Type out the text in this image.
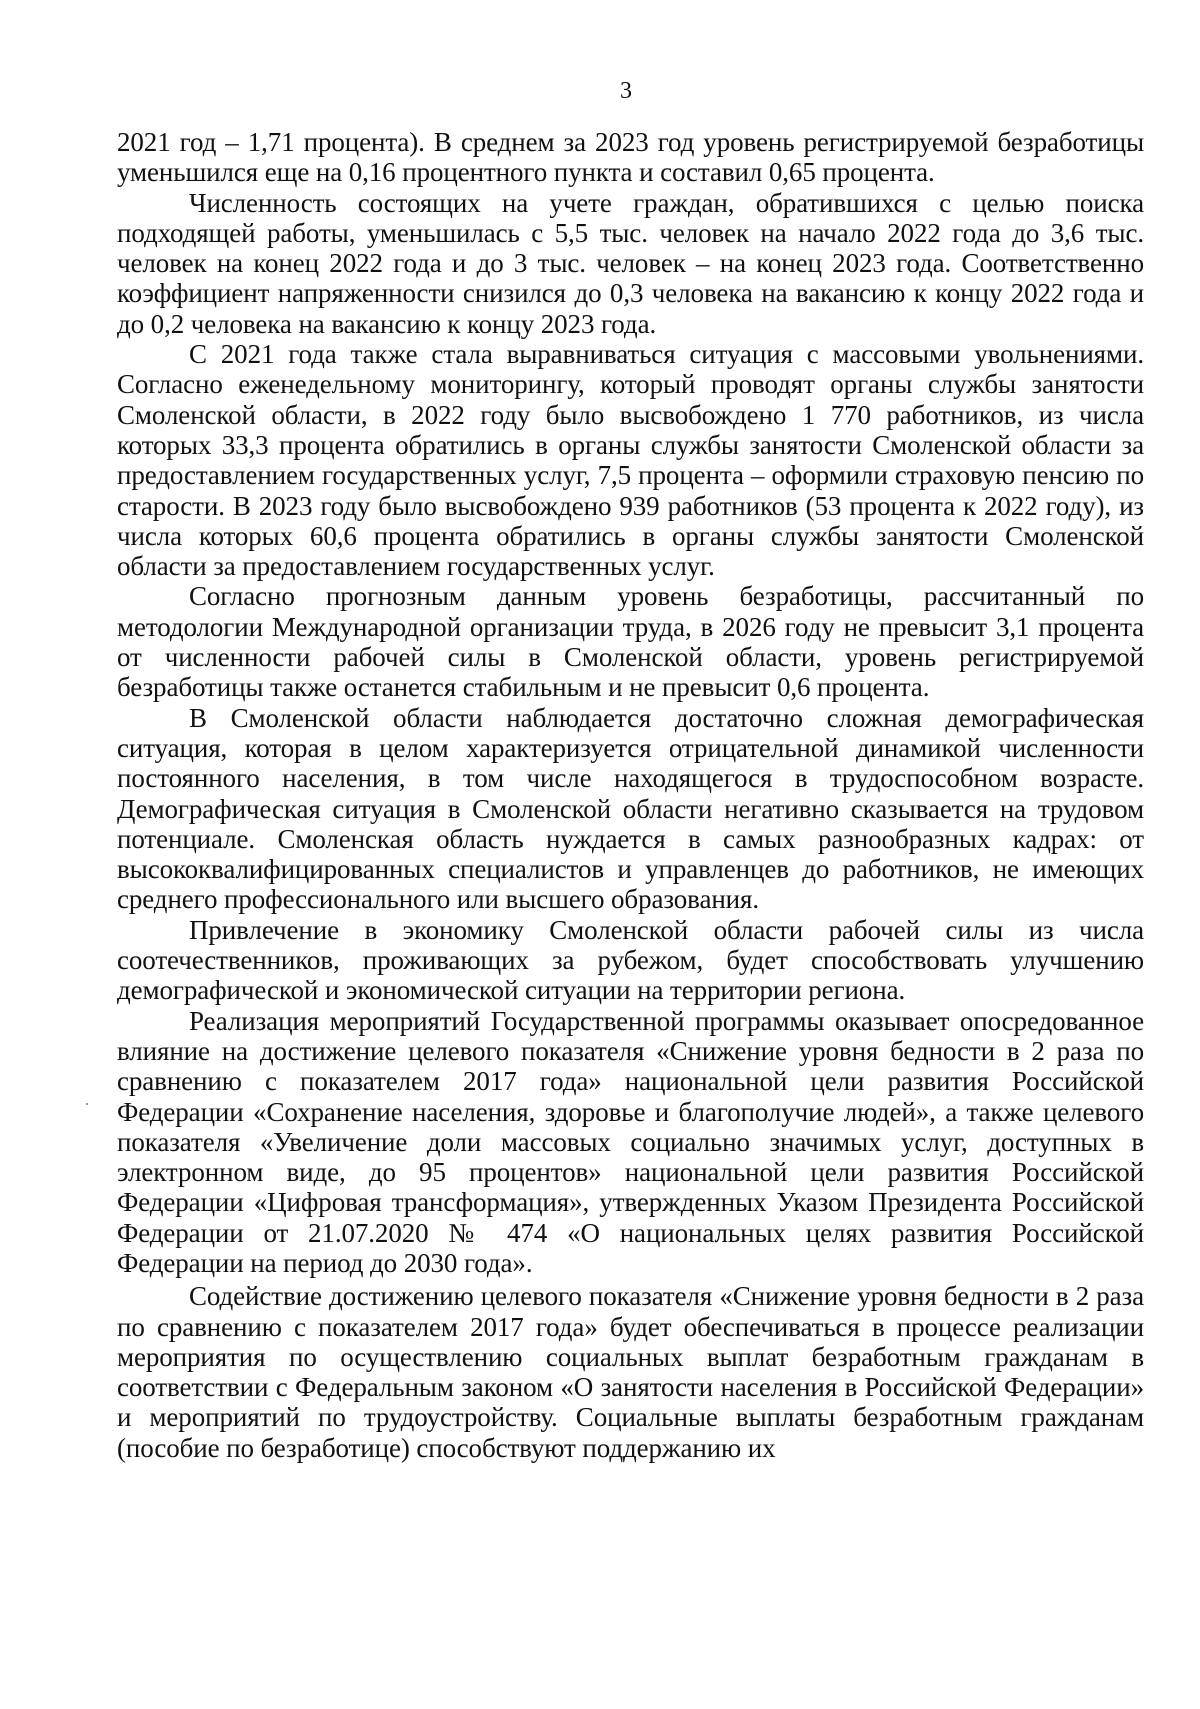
3

2021 год – 1,71 процента). В среднем за 2023 год уровень регистрируемой безработицы уменьшился еще на 0,16 процентного пункта и составил 0,65 процента.

Численность состоящих на учете граждан, обратившихся с целью поиска подходящей работы, уменьшилась с 5,5 тыс. человек на начало 2022 года до 3,6 тыс. человек на конец 2022 года и до 3 тыс. человек – на конец 2023 года. Соответственно коэффициент напряженности снизился до 0,3 человека на вакансию к концу 2022 года и до 0,2 человека на вакансию к концу 2023 года.

С 2021 года также стала выравниваться ситуация с массовыми увольнениями. Согласно еженедельному мониторингу, который проводят органы службы занятости Смоленской области, в 2022 году было высвобождено 1 770 работников, из числа которых 33,3 процента обратились в органы службы занятости Смоленской области за предоставлением государственных услуг, 7,5 процента – оформили страховую пенсию по старости. В 2023 году было высвобождено 939 работников (53 процента к 2022 году), из числа которых 60,6 процента обратились в органы службы занятости Смоленской области за предоставлением государственных услуг.

Согласно прогнозным данным уровень безработицы, рассчитанный по методологии Международной организации труда, в 2026 году не превысит 3,1 процента от численности рабочей силы в Смоленской области, уровень регистрируемой безработицы также останется стабильным и не превысит 0,6 процента.

В Смоленской области наблюдается достаточно сложная демографическая ситуация, которая в целом характеризуется отрицательной динамикой численности постоянного населения, в том числе находящегося в трудоспособном возрасте. Демографическая ситуация в Смоленской области негативно сказывается на трудовом потенциале. Смоленская область нуждается в самых разнообразных кадрах: от высококвалифицированных специалистов и управленцев до работников, не имеющих среднего профессионального или высшего образования.

Привлечение в экономику Смоленской области рабочей силы из числа соотечественников, проживающих за рубежом, будет способствовать улучшению демографической и экономической ситуации на территории региона.

Реализация мероприятий Государственной программы оказывает опосредованное влияние на достижение целевого показателя «Снижение уровня бедности в 2 раза по сравнению с показателем 2017 года» национальной цели развития Российской Федерации «Сохранение населения, здоровье и благополучие людей», а также целевого показателя «Увеличение доли массовых социально значимых услуг, доступных в электронном виде, до 95 процентов» национальной цели развития Российской Федерации «Цифровая трансформация», утвержденных Указом Президента Российской Федерации от 21.07.2020 № 474 «О национальных целях развития Российской Федерации на период до 2030 года».

Содействие достижению целевого показателя «Снижение уровня бедности в 2 раза по сравнению с показателем 2017 года» будет обеспечиваться в процессе реализации мероприятия по осуществлению социальных выплат безработным гражданам в соответствии с Федеральным законом «О занятости населения в Российской Федерации» и мероприятий по трудоустройству. Социальные выплаты безработным гражданам (пособие по безработице) способствуют поддержанию их
